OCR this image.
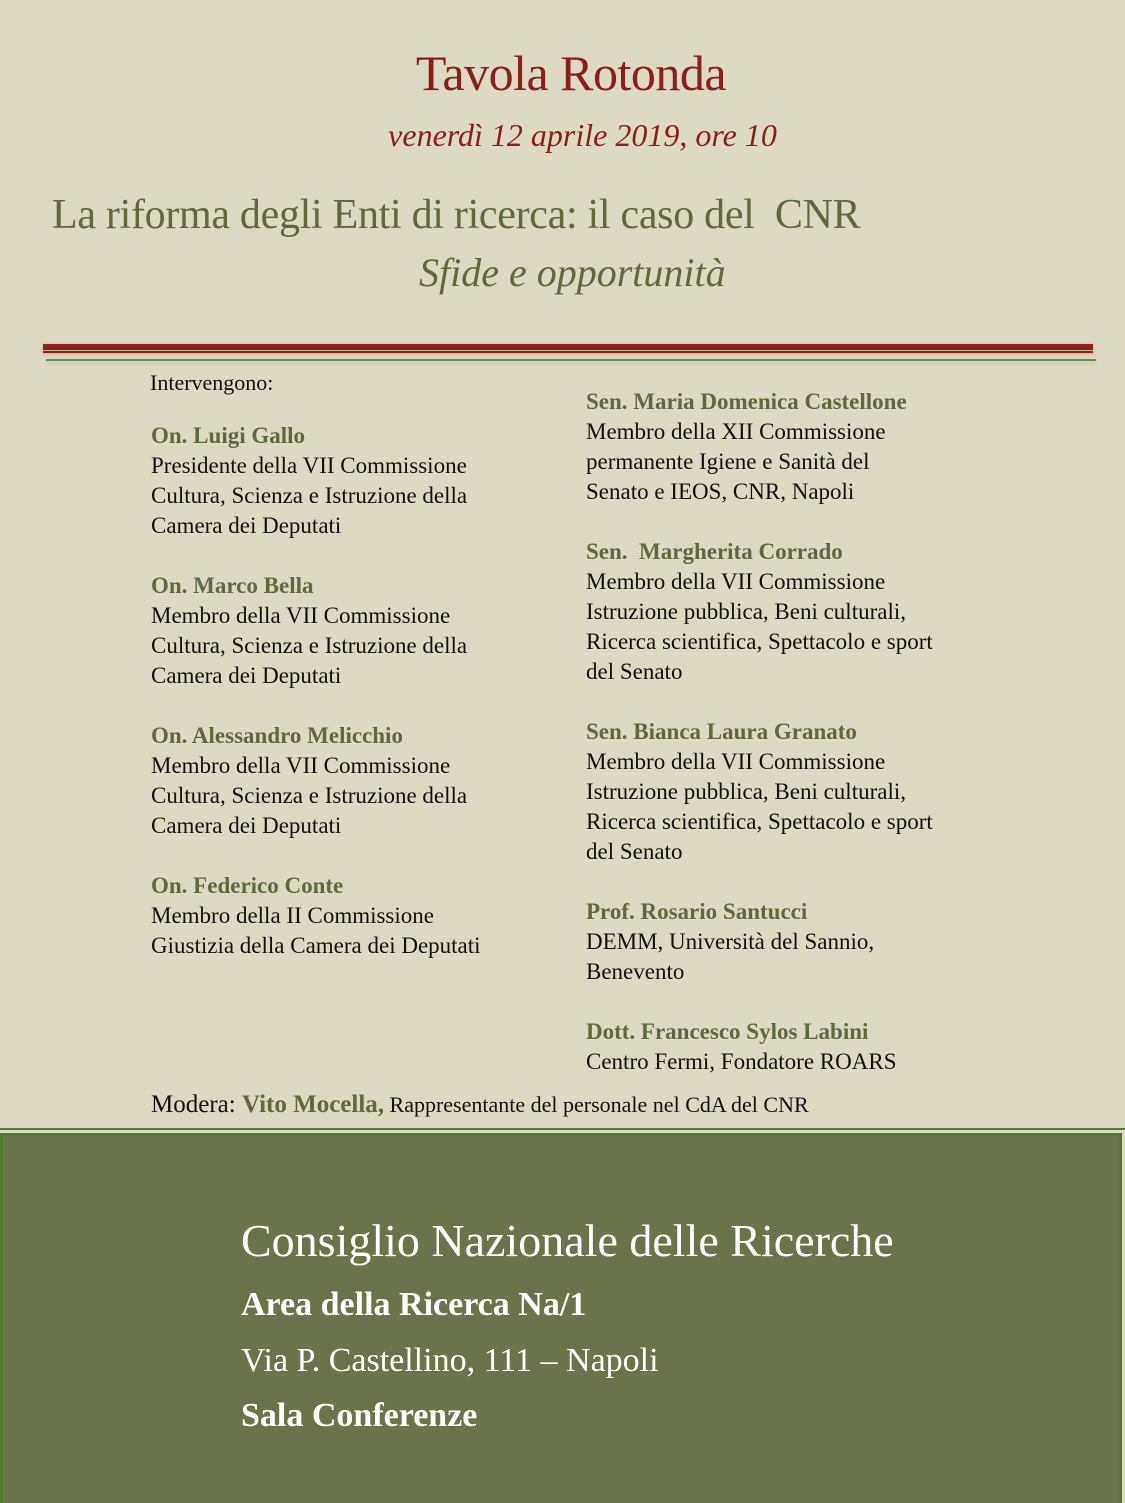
Tavola Rotonda
venerdì 12 aprile 2019, ore 10
La riforma degli Enti di ricerca: il caso del  CNR
Sfide e opportunità
Intervengono:
On. Luigi Gallo
Presidente della VII Commissione
Cultura, Scienza e Istruzione della
Camera dei Deputati
On. Marco Bella
Membro della VII Commissione
Cultura, Scienza e Istruzione della
Camera dei Deputati
On. Alessandro Melicchio
Membro della VII Commissione
Cultura, Scienza e Istruzione della
Camera dei Deputati
On. Federico Conte
Membro della II Commissione
Giustizia della Camera dei Deputati
Sen. Maria Domenica Castellone
Membro della XII Commissione
permanente Igiene e Sanità del
Senato e IEOS, CNR, Napoli
Sen.  Margherita Corrado
Membro della VII Commissione
Istruzione pubblica, Beni culturali,
Ricerca scientifica, Spettacolo e sport
del Senato
Sen. Bianca Laura Granato
Membro della VII Commissione
Istruzione pubblica, Beni culturali,
Ricerca scientifica, Spettacolo e sport
del Senato
Prof. Rosario Santucci
DEMM, Università del Sannio,
Benevento
Dott. Francesco Sylos Labini
Centro Fermi, Fondatore ROARS
Modera: Vito Mocella, Rappresentante del personale nel CdA del CNR
Consiglio Nazionale delle Ricerche
Area della Ricerca Na/1
Via P. Castellino, 111 – Napoli
Sala Conferenze
